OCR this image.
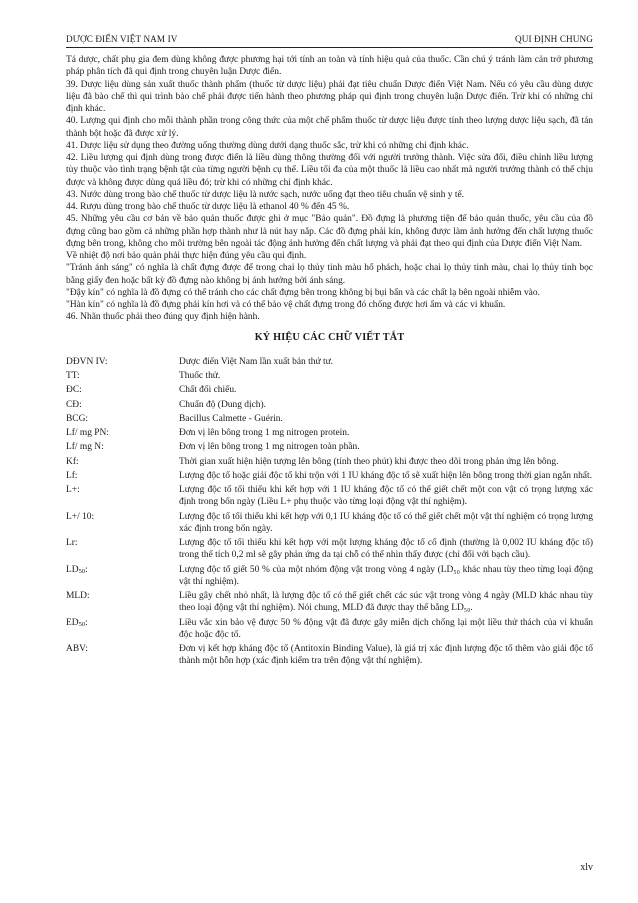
DƯỢC ĐIỂN VIỆT NAM IV	QUI ĐỊNH CHUNG

Tá dược, chất phụ gia đem dùng không được phương hại tới tính an toàn và tính hiệu quả của thuốc. Cần chú ý tránh làm cản trở phương pháp phân tích đã qui định trong chuyên luận Dược điển.

39. Dược liệu dùng sản xuất thuốc thành phẩm (thuốc từ dược liệu) phải đạt tiêu chuẩn Dược điển Việt Nam. Nếu có yêu cầu dùng dược liệu đã bào chế thì qui trình bào chế phải được tiến hành theo phương pháp qui định trong chuyên luận Dược điển. Trừ khi có những chỉ định khác.

40. Lượng qui định cho mỗi thành phần trong công thức của một chế phẩm thuốc từ dược liệu được tính theo lượng dược liệu sạch, đã tán thành bột hoặc đã được xử lý.

41. Dược liệu sử dụng theo đường uống thường dùng dưới dạng thuốc sắc, trừ khi có những chỉ định khác.

42. Liều lượng qui định dùng trong được điển là liều dùng thông thường đối với người trưởng thành. Việc sửa đổi, điều chỉnh liều lượng tùy thuộc vào tình trạng bệnh tật của từng người bệnh cụ thể. Liều tối đa của một thuốc là liều cao nhất mà người trưởng thành có thể chịu được và không được dùng quá liều đó; trừ khi có những chỉ định khác.

43. Nước dùng trong bào chế thuốc từ dược liệu là nước sạch, nước uống đạt theo tiêu chuẩn vệ sinh y tế.

44. Rượu dùng trong bào chế thuốc từ dược liệu là ethanol 40 % đến 45 %.

45. Những yêu cầu cơ bản về bảo quản thuốc được ghi ở mục "Bảo quản". Đồ đựng là phương tiện để bảo quản thuốc, yêu cầu của đồ đựng cũng bao gồm cả những phần hợp thành như là nút hay nắp. Các đồ đựng phải kín, không được làm ảnh hưởng đến chất lượng thuốc đựng bên trong, không cho môi trường bên ngoài tác động ảnh hưởng đến chất lượng và phải đạt theo qui định của Dược điển Việt Nam.

Về nhiệt độ nơi bảo quản phải thực hiện đúng yêu cầu qui định.

"Tránh ánh sáng" có nghĩa là chất đựng được để trong chai lọ thủy tinh màu hổ phách, hoặc chai lọ thủy tinh màu, chai lọ thủy tinh bọc bằng giấy đen hoặc bất kỳ đồ đựng nào không bị ánh hưởng bởi ánh sáng.

"Đậy kín" có nghĩa là đồ đựng có thể tránh cho các chất đựng bên trong không bị bụi bẩn và các chất lạ bên ngoài nhiễm vào.

"Hàn kín" có nghĩa là đồ đựng phải kín hơi và có thể bảo vệ chất đựng trong đó chống được hơi ẩm và các vi khuẩn.

46. Nhãn thuốc phải theo đúng quy định hiện hành.

KÝ HIỆU CÁC CHỮ VIẾT TẮT
DĐVN IV:	Dược điển Việt Nam lần xuất bản thứ tư.
TT:	Thuốc thử.
ĐC:	Chất đối chiếu.
CĐ:	Chuẩn độ (Dung dịch).
BCG:	Bacillus Calmette - Guérin.
Lf/ mg PN:	Đơn vị lên bông trong 1 mg nitrogen protein.
Lf/ mg N:	Đơn vị lên bông trong 1 mg nitrogen toàn phần.
Kf:	Thời gian xuất hiện hiện tượng lên bông (tính theo phút) khi được theo dõi trong phản ứng lên bông.
Lf:	Lượng độc tố hoặc giải độc tố khi trộn với 1 IU kháng độc tố sẽ xuất hiện lên bông trong thời gian ngắn nhất.
L+:	Lượng độc tố tối thiểu khi kết hợp với 1 IU kháng độc tố có thể giết chết một con vật có trọng lượng xác định trong bốn ngày (Liều L+ phụ thuộc vào từng loại động vật thí nghiệm).
L+/ 10:	Lượng độc tố tối thiểu khi kết hợp với 0,1 IU kháng độc tố có thể giết chết một vật thí nghiệm có trọng lượng xác định trong bốn ngày.
Lr:	Lượng độc tố tối thiểu khi kết hợp với một lượng kháng độc tố cố định (thường là 0,002 IU kháng độc tố) trong thể tích 0,2 ml sẽ gây phản ứng da tại chỗ có thể nhìn thấy được (chỉ đối với bạch cầu).
$LD_{50}$:	Lượng độc tố giết 50 % của một nhóm động vật trong vòng 4 ngày (LD₅₀ khác nhau tùy theo từng loại động vật thí nghiệm).
MLD:	Liều gây chết nhỏ nhất, là lượng độc tố có thể giết chết các súc vật trong vòng 4 ngày (MLD khác nhau tùy theo loại động vật thí nghiệm). Nói chung, MLD đã được thay thế bằng LD₅₀.
$ED_{50}$:	Liều vắc xin bảo vệ được 50 % động vật đã được gây miễn dịch chống lại một liều thử thách của vi khuẩn độc hoặc độc tố.
ABV:	Đơn vị kết hợp kháng độc tố (Antitoxin Binding Value), là giá trị xác định lượng độc tố thêm vào giải độc tố thành một hỗn hợp (xác định kiểm tra trên động vật thí nghiệm).
xlv
